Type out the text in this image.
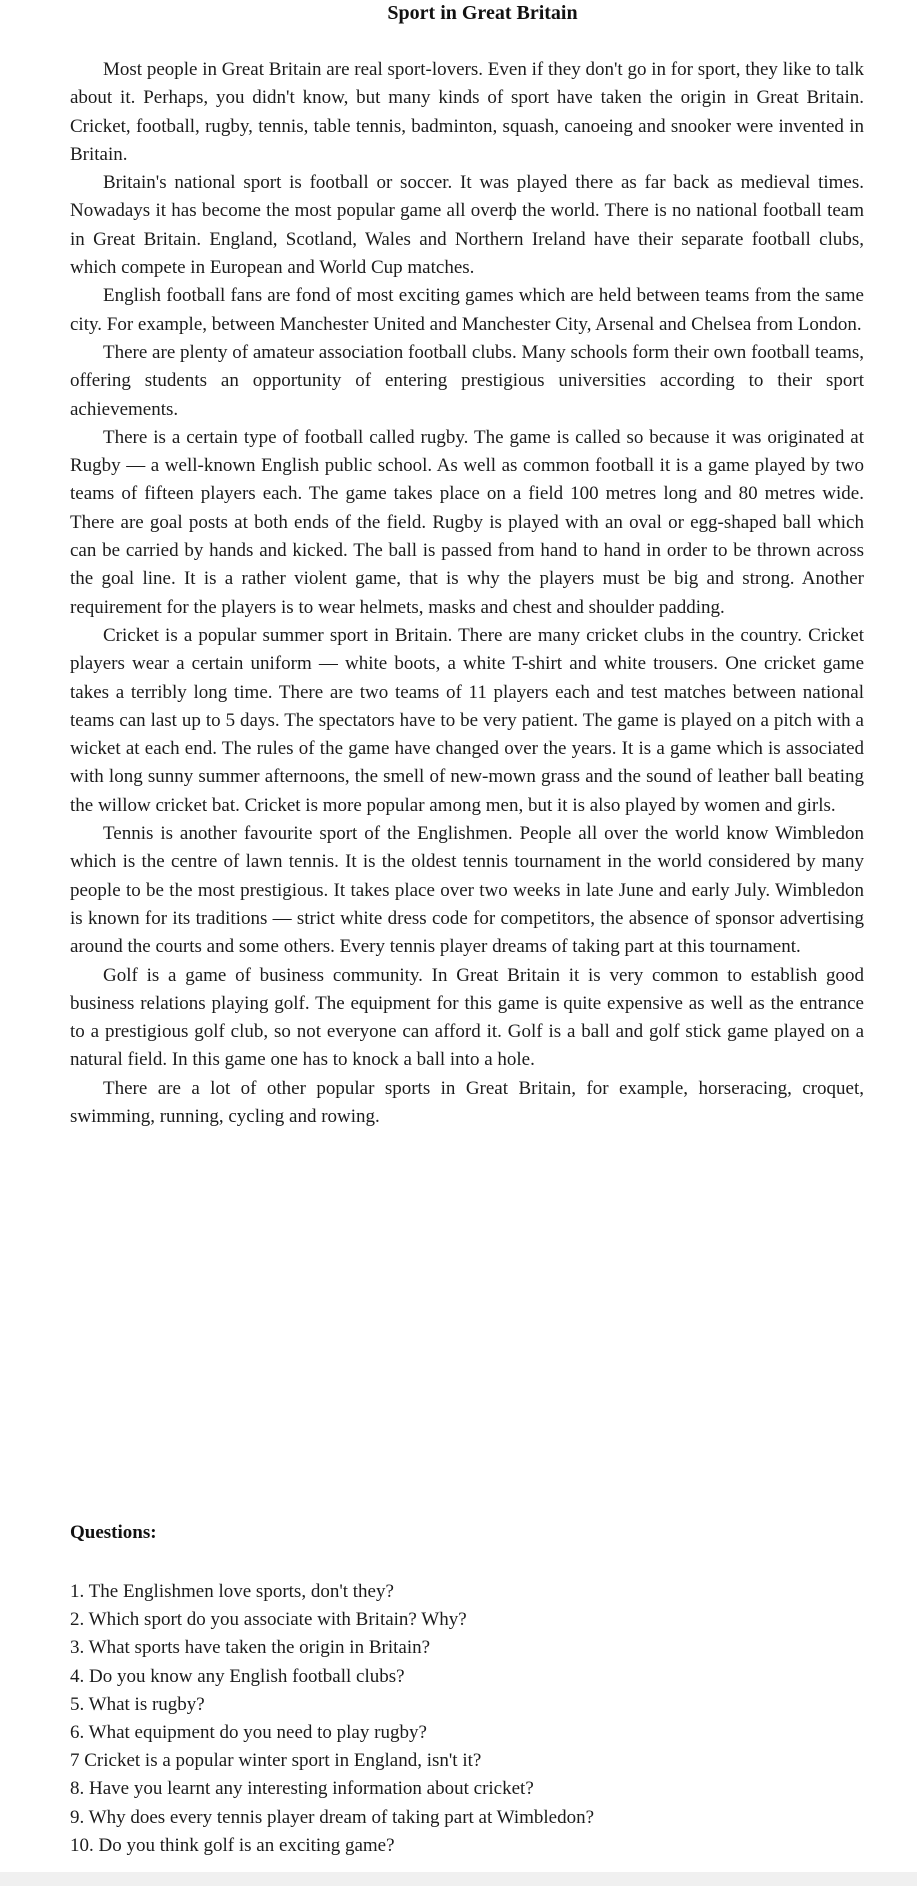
Sport in Great Britain

Most people in Great Britain are real sport-lovers. Even if they don't go in for sport, they like to talk about it. Perhaps, you didn't know, but many kinds of sport have taken the origin in Great Britain. Cricket, football, rugby, tennis, table tennis, badminton, squash, canoeing and snooker were invented in Britain.

Britain's national sport is football or soccer. It was played there as far back as medieval times. Nowadays it has become the most popular game all overф the world. There is no national football team in Great Britain. England, Scotland, Wales and Northern Ireland have their separate football clubs, which compete in European and World Cup matches.

English football fans are fond of most exciting games which are held between teams from the same city. For example, between Manchester United and Manchester City, Arsenal and Chelsea from London.

There are plenty of amateur association football clubs. Many schools form their own football teams, offering students an opportunity of entering prestigious universities according to their sport achievements.

There is a certain type of football called rugby. The game is called so because it was originated at Rugby — a well-known English public school. As well as common football it is a game played by two teams of fifteen players each. The game takes place on a field 100 metres long and 80 metres wide. There are goal posts at both ends of the field. Rugby is played with an oval or egg-shaped ball which can be carried by hands and kicked. The ball is passed from hand to hand in order to be thrown across the goal line. It is a rather violent game, that is why the players must be big and strong. Another requirement for the players is to wear helmets, masks and chest and shoulder padding.

Cricket is a popular summer sport in Britain. There are many cricket clubs in the country. Cricket players wear a certain uniform — white boots, a white T-shirt and white trousers. One cricket game takes a terribly long time. There are two teams of 11 players each and test matches between national teams can last up to 5 days. The spectators have to be very patient. The game is played on a pitch with a wicket at each end. The rules of the game have changed over the years. It is a game which is associated with long sunny summer afternoons, the smell of new-mown grass and the sound of leather ball beating the willow cricket bat. Cricket is more popular among men, but it is also played by women and girls.

Tennis is another favourite sport of the Englishmen. People all over the world know Wimbledon which is the centre of lawn tennis. It is the oldest tennis tournament in the world considered by many people to be the most prestigious. It takes place over two weeks in late June and early July. Wimbledon is known for its traditions — strict white dress code for competitors, the absence of sponsor advertising around the courts and some others. Every tennis player dreams of taking part at this tournament.

Golf is a game of business community. In Great Britain it is very common to establish good business relations playing golf. The equipment for this game is quite expensive as well as the entrance to a prestigious golf club, so not everyone can afford it. Golf is a ball and golf stick game played on a natural field. In this game one has to knock a ball into a hole.

There are a lot of other popular sports in Great Britain, for example, horseracing, croquet, swimming, running, cycling and rowing.

Questions:
1. The Englishmen love sports, don't they?
2. Which sport do you associate with Britain? Why?
3. What sports have taken the origin in Britain?
4. Do you know any English football clubs?
5. What is rugby?
6. What equipment do you need to play rugby?
7 Cricket is a popular winter sport in England, isn't it?
8. Have you learnt any interesting information about cricket?
9. Why does every tennis player dream of taking part at Wimbledon?
10. Do you think golf is an exciting game?
